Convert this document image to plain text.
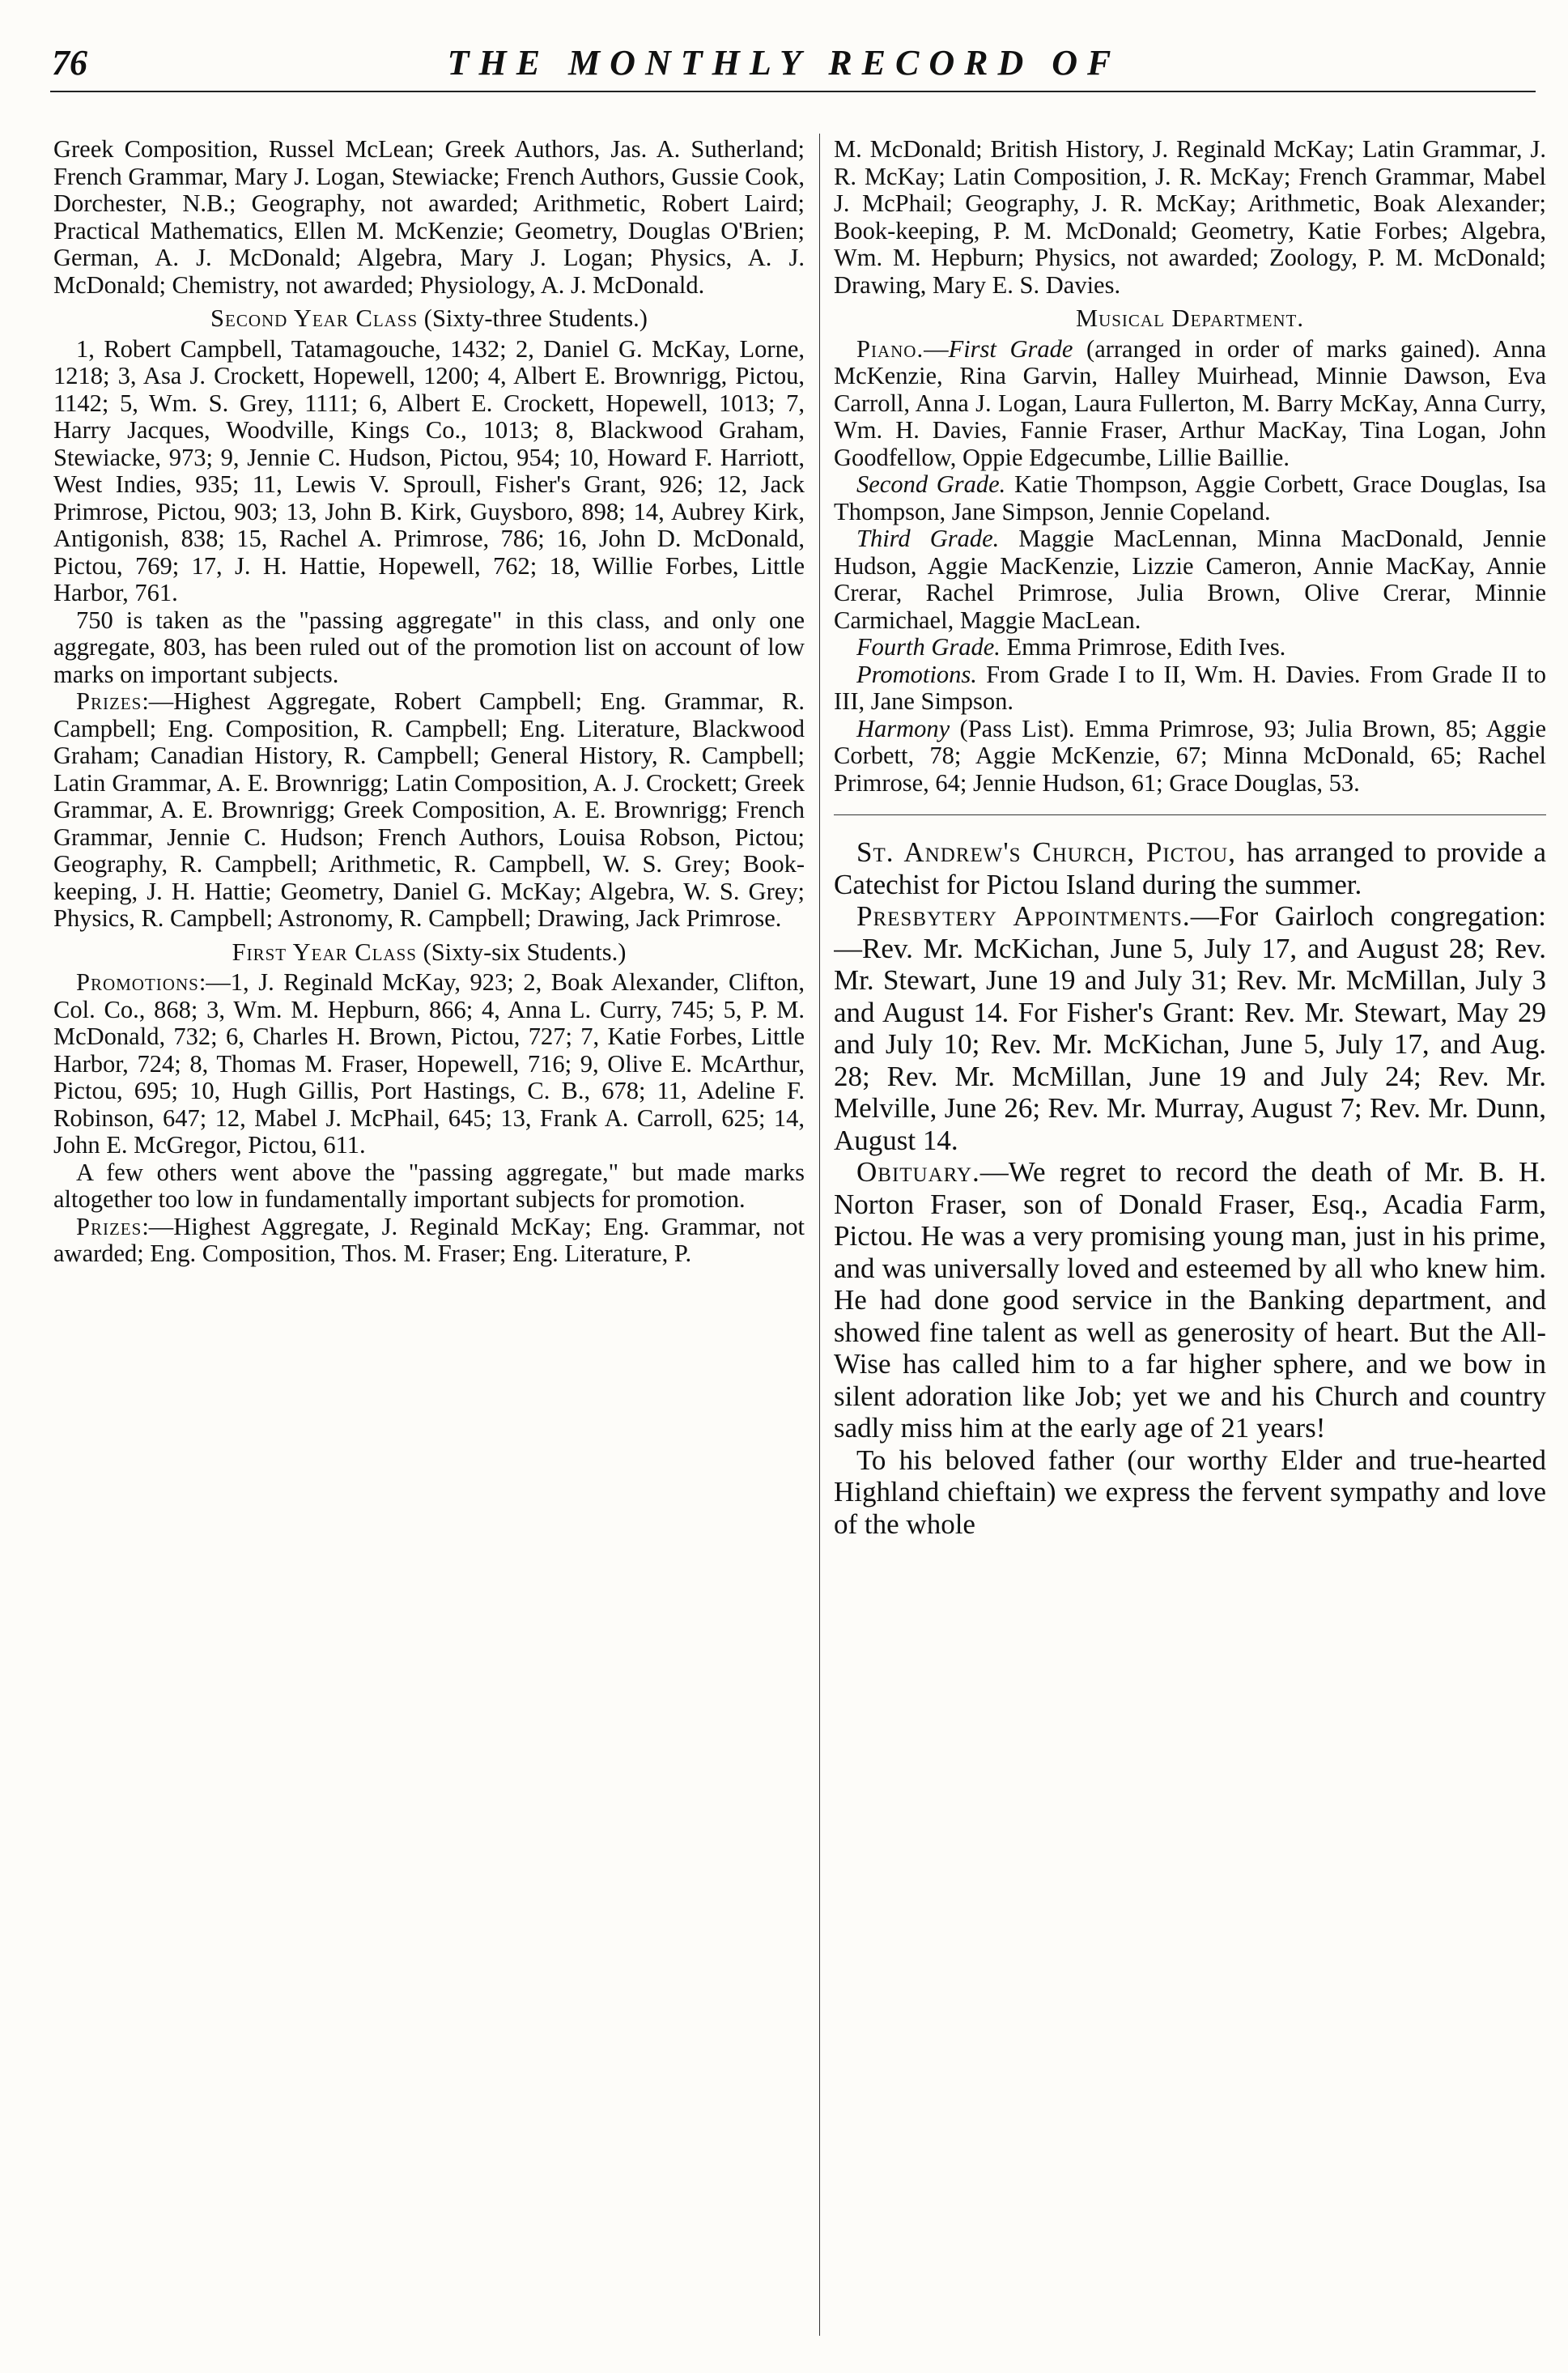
76	THE MONTHLY RECORD OF

Greek Composition, Russel McLean; Greek Authors, Jas. A. Sutherland; French Grammar, Mary J. Logan, Stewiacke; French Authors, Gussie Cook, Dorchester, N.B.; Geography, not awarded; Arithmetic, Robert Laird; Practical Mathematics, Ellen M. McKenzie; Geometry, Douglas O'Brien; German, A. J. McDonald; Algebra, Mary J. Logan; Physics, A. J. McDonald; Chemistry, not awarded; Physiology, A. J. McDonald.

Second Year Class (Sixty-three Students.)

1, Robert Campbell, Tatamagouche, 1432; 2, Daniel G. McKay, Lorne, 1218; 3, Asa J. Crockett, Hopewell, 1200; 4, Albert E. Brownrigg, Pictou, 1142; 5, Wm. S. Grey, 1111; 6, Albert E. Crockett, Hopewell, 1013; 7, Harry Jacques, Woodville, Kings Co., 1013; 8, Blackwood Graham, Stewiacke, 973; 9, Jennie C. Hudson, Pictou, 954; 10, Howard F. Harriott, West Indies, 935; 11, Lewis V. Sproull, Fisher's Grant, 926; 12, Jack Primrose, Pictou, 903; 13, John B. Kirk, Guysboro, 898; 14, Aubrey Kirk, Antigonish, 838; 15, Rachel A. Primrose, 786; 16, John D. McDonald, Pictou, 769; 17, J. H. Hattie, Hopewell, 762; 18, Willie Forbes, Little Harbor, 761.

750 is taken as the "passing aggregate" in this class, and only one aggregate, 803, has been ruled out of the promotion list on account of low marks on important subjects.

Prizes:—Highest Aggregate, Robert Campbell; Eng. Grammar, R. Campbell; Eng. Composition, R. Campbell; Eng. Literature, Blackwood Graham; Canadian History, R. Campbell; General History, R. Campbell; Latin Grammar, A. E. Brownrigg; Latin Composition, A. J. Crockett; Greek Grammar, A. E. Brownrigg; Greek Composition, A. E. Brownrigg; French Grammar, Jennie C. Hudson; French Authors, Louisa Robson, Pictou; Geography, R. Campbell; Arithmetic, R. Campbell, W. S. Grey; Book-keeping, J. H. Hattie; Geometry, Daniel G. McKay; Algebra, W. S. Grey; Physics, R. Campbell; Astronomy, R. Campbell; Drawing, Jack Primrose.

First Year Class (Sixty-six Students.)

Promotions:—1, J. Reginald McKay, 923; 2, Boak Alexander, Clifton, Col. Co., 868; 3, Wm. M. Hepburn, 866; 4, Anna L. Curry, 745; 5, P. M. McDonald, 732; 6, Charles H. Brown, Pictou, 727; 7, Katie Forbes, Little Harbor, 724; 8, Thomas M. Fraser, Hopewell, 716; 9, Olive E. McArthur, Pictou, 695; 10, Hugh Gillis, Port Hastings, C. B., 678; 11, Adeline F. Robinson, 647; 12, Mabel J. McPhail, 645; 13, Frank A. Carroll, 625; 14, John E. McGregor, Pictou, 611.

A few others went above the "passing aggregate," but made marks altogether too low in fundamentally important subjects for promotion.

Prizes:—Highest Aggregate, J. Reginald McKay; Eng. Grammar, not awarded; Eng. Composition, Thos. M. Fraser; Eng. Literature, P.

M. McDonald; British History, J. Reginald McKay; Latin Grammar, J. R. McKay; Latin Composition, J. R. McKay; French Grammar, Mabel J. McPhail; Geography, J. R. McKay; Arithmetic, Boak Alexander; Book-keeping, P. M. McDonald; Geometry, Katie Forbes; Algebra, Wm. M. Hepburn; Physics, not awarded; Zoology, P. M. McDonald; Drawing, Mary E. S. Davies.

Musical Department.

Piano.—First Grade (arranged in order of marks gained). Anna McKenzie, Rina Garvin, Halley Muirhead, Minnie Dawson, Eva Carroll, Anna J. Logan, Laura Fullerton, M. Barry McKay, Anna Curry, Wm. H. Davies, Fannie Fraser, Arthur MacKay, Tina Logan, John Goodfellow, Oppie Edgecumbe, Lillie Baillie.

Second Grade. Katie Thompson, Aggie Corbett, Grace Douglas, Isa Thompson, Jane Simpson, Jennie Copeland.

Third Grade. Maggie MacLennan, Minna MacDonald, Jennie Hudson, Aggie MacKenzie, Lizzie Cameron, Annie MacKay, Annie Crerar, Rachel Primrose, Julia Brown, Olive Crerar, Minnie Carmichael, Maggie MacLean.

Fourth Grade. Emma Primrose, Edith Ives.

Promotions. From Grade I to II, Wm. H. Davies. From Grade II to III, Jane Simpson.

Harmony (Pass List). Emma Primrose, 93; Julia Brown, 85; Aggie Corbett, 78; Aggie McKenzie, 67; Minna McDonald, 65; Rachel Primrose, 64; Jennie Hudson, 61; Grace Douglas, 53.

St. Andrew's Church, Pictou, has arranged to provide a Catechist for Pictou Island during the summer.

Presbytery Appointments.—For Gairloch congregation:—Rev. Mr. McKichan, June 5, July 17, and August 28; Rev. Mr. Stewart, June 19 and July 31; Rev. Mr. McMillan, July 3 and August 14. For Fisher's Grant: Rev. Mr. Stewart, May 29 and July 10; Rev. Mr. McKichan, June 5, July 17, and Aug. 28; Rev. Mr. McMillan, June 19 and July 24; Rev. Mr. Melville, June 26; Rev. Mr. Murray, August 7; Rev. Mr. Dunn, August 14.

Obituary.—We regret to record the death of Mr. B. H. Norton Fraser, son of Donald Fraser, Esq., Acadia Farm, Pictou. He was a very promising young man, just in his prime, and was universally loved and esteemed by all who knew him. He had done good service in the Banking department, and showed fine talent as well as generosity of heart. But the All-Wise has called him to a far higher sphere, and we bow in silent adoration like Job; yet we and his Church and country sadly miss him at the early age of 21 years!

To his beloved father (our worthy Elder and true-hearted Highland chieftain) we express the fervent sympathy and love of the whole
